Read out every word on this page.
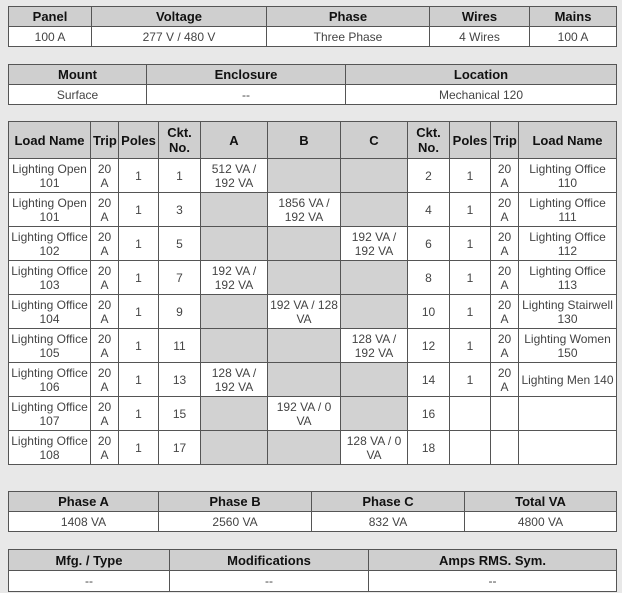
Panel	Voltage	Phase	Wires	Mains
100 A	277 V / 480 V	Three Phase	4 Wires	100 A
Mount	Enclosure	Location
Surface	--	Mechanical 120
Load Name	Trip	Poles	Ckt. No.	A	B	C	Ckt. No.	Poles	Trip	Load Name
Lighting Open 101	20 A	1	1	512 VA / 192 VA			2	1	20 A	Lighting Office 110
Lighting Open 101	20 A	1	3		1856 VA / 192 VA		4	1	20 A	Lighting Office 111
Lighting Office 102	20 A	1	5			192 VA / 192 VA	6	1	20 A	Lighting Office 112
Lighting Office 103	20 A	1	7	192 VA / 192 VA			8	1	20 A	Lighting Office 113
Lighting Office 104	20 A	1	9		192 VA / 128 VA		10	1	20 A	Lighting Stairwell 130
Lighting Office 105	20 A	1	11			128 VA / 192 VA	12	1	20 A	Lighting Women 150
Lighting Office 106	20 A	1	13	128 VA / 192 VA			14	1	20 A	Lighting Men 140
Lighting Office 107	20 A	1	15		192 VA / 0 VA		16			
Lighting Office 108	20 A	1	17			128 VA / 0 VA	18			
Phase A	Phase B	Phase C	Total VA
1408 VA	2560 VA	832 VA	4800 VA
Mfg. / Type	Modifications	Amps RMS. Sym.
--	--	--
